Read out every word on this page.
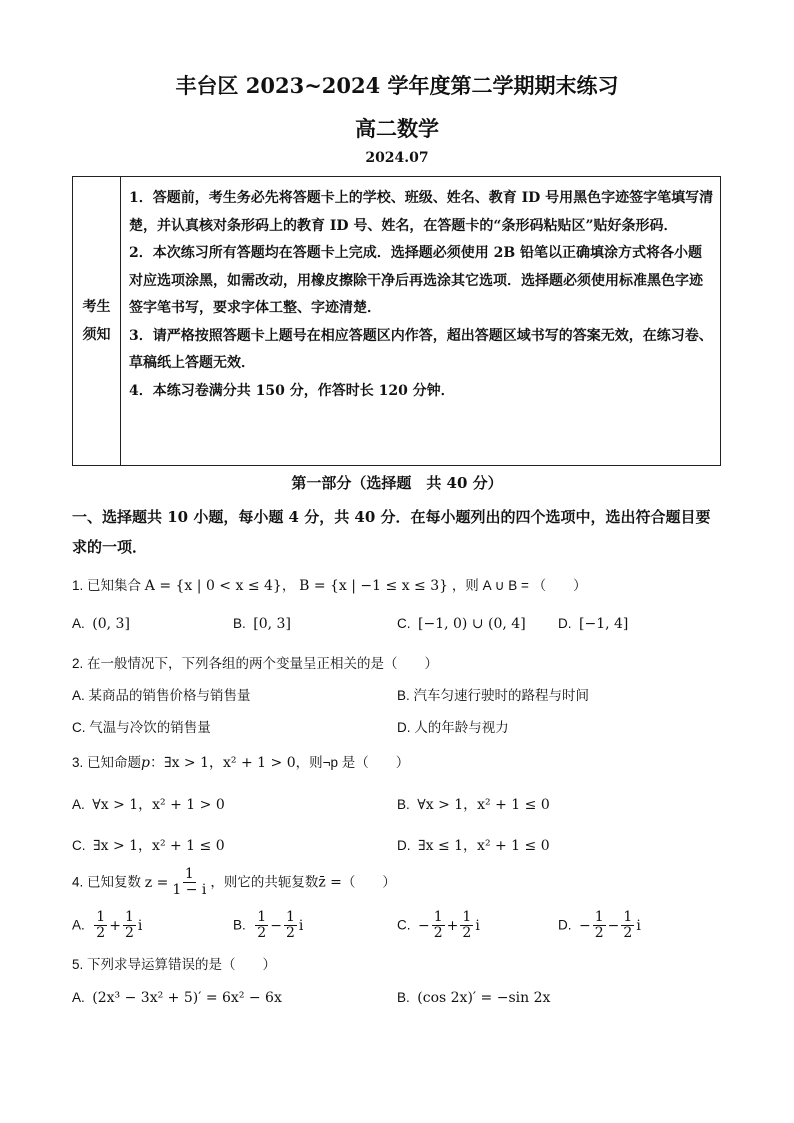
丰台区 2023~2024 学年度第二学期期末练习
高二数学
2024.07
考生
须知

1．答题前，考生务必先将答题卡上的学校、班级、姓名、教育 ID 号用黑色字迹签字笔填写清楚，并认真核对条形码上的教育 ID 号、姓名，在答题卡的“条形码粘贴区”贴好条形码．

2．本次练习所有答题均在答题卡上完成．选择题必须使用 2B 铅笔以正确填涂方式将各小题对应选项涂黑，如需改动，用橡皮擦除干净后再选涂其它选项．选择题必须使用标准黑色字迹签字笔书写，要求字体工整、字迹清楚．

3．请严格按照答题卡上题号在相应答题区内作答，超出答题区域书写的答案无效，在练习卷、草稿纸上答题无效．

4．本练习卷满分共 150 分，作答时长 120 分钟．

第一部分（选择题　共 40 分）
一、选择题共 10 小题，每小题 4 分，共 40 分．在每小题列出的四个选项中，选出符合题目要求的一项．
1. 已知集合 A = {x | 0 < x ≤ 4}， B = {x | −1 ≤ x ≤ 3} ，则 A ∪ B = （　　）
A. (0, 3]	B. [0, 3]	C. [−1, 0) ∪ (0, 4] D. [−1, 4]
2. 在一般情况下，下列各组的两个变量呈正相关的是（　　）
A. 某商品的销售价格与销售量	B. 汽车匀速行驶时的路程与时间
C. 气温与冷饮的销售量	D. 人的年龄与视力
3. 已知命题p：∃x > 1，x² + 1 > 0，则¬p 是（　　）
A. ∀x > 1，x² + 1 > 0	B. ∀x > 1，x² + 1 ≤ 0
C. ∃x > 1，x² + 1 ≤ 0	D. ∃x ≤ 1，x² + 1 ≤ 0
4. 已知复数 $z = \frac{1}{1 - i}$ ，则它的共轭复数z̄ =（　　）
A. $\frac{1}{2} + \frac{1}{2}$ i	B. $\frac{1}{2} - \frac{1}{2}$ i	C. − $\frac{1}{2} + \frac{1}{2}$ i	D. − $\frac{1}{2} - \frac{1}{2}$ i
5. 下列求导运算错误的是（　　）
A. (2x³ − 3x² + 5)′ = 6x² − 6x	B. (cos 2x)′ = −sin 2x
